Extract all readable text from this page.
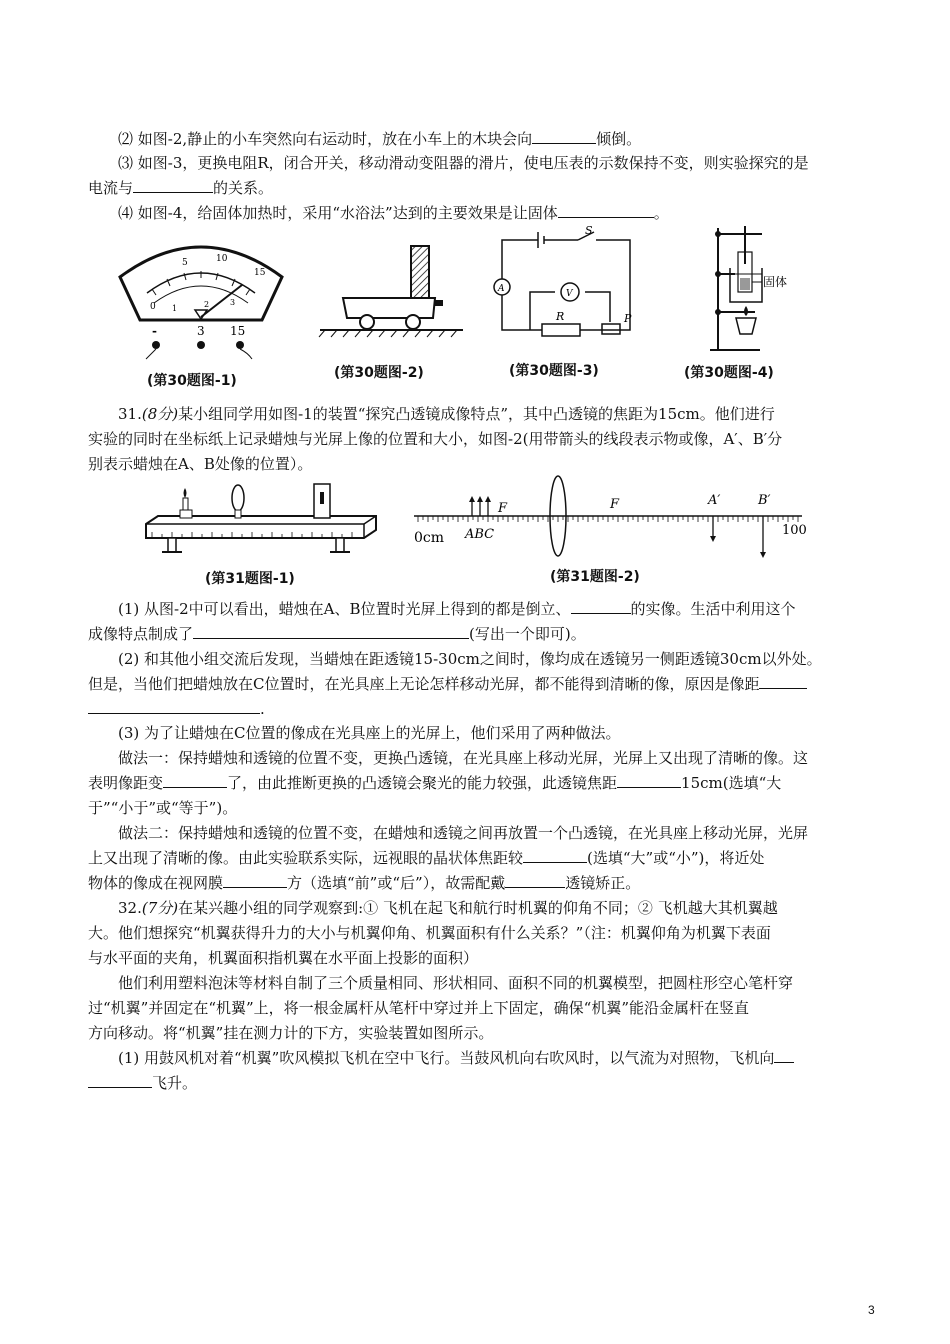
⑵ 如图-2,静止的小车突然向右运动时，放在小车上的木块会向	倾倒。
⑶ 如图-3，更换电阻R，闭合开关，移动滑动变阻器的滑片，使电压表的示数保持不变，则实验探究的是
电流与	的关系。
⑷ 如图-4，给固体加热时，采用“水浴法”达到的主要效果是让固体	。
0
5	10
15
1	2	3
-	3 15
(第30题图-1)	(第30题图-2)
S
A	V
R	P
(第30题图-3)
固体
(第30题图-4)
31.(8分)某小组同学用如图-1的装置“探究凸透镜成像特点”，其中凸透镜的焦距为15cm。他们进行
实验的同时在坐标纸上记录蜡烛与光屏上像的位置和大小，如图-2(用带箭头的线段表示物或像，A′、B′分
别表示蜡烛在A、B处像的位置）。
(第31题图-1)
0cm	100
ABC
F	F	A′	B′
(第31题图-2)
(1) 从图-2中可以看出，蜡烛在A、B位置时光屏上得到的都是倒立、	的实像。生活中利用这个
成像特点制成了	(写出一个即可)。
(2) 和其他小组交流后发现，当蜡烛在距透镜15-30cm之间时，像均成在透镜另一侧距透镜30cm以外处。
但是，当他们把蜡烛放在C位置时，在光具座上无论怎样移动光屏，都不能得到清晰的像，原因是像距
.
(3) 为了让蜡烛在C位置的像成在光具座上的光屏上，他们采用了两种做法。
做法一：保持蜡烛和透镜的位置不变，更换凸透镜，在光具座上移动光屏，光屏上又出现了清晰的像。这
表明像距变	了，由此推断更换的凸透镜会聚光的能力较强，此透镜焦距	15cm(选填“大
于”“小于”或“等于”)。
做法二：保持蜡烛和透镜的位置不变，在蜡烛和透镜之间再放置一个凸透镜，在光具座上移动光屏，光屏
上又出现了清晰的像。由此实验联系实际，远视眼的晶状体焦距较	(选填“大”或“小”)，将近处
物体的像成在视网膜	方（选填“前”或“后”），故需配戴	透镜矫正。
32.(7分)在某兴趣小组的同学观察到:① 飞机在起飞和航行时机翼的仰角不同；② 飞机越大其机翼越
大。他们想探究“机翼获得升力的大小与机翼仰角、机翼面积有什么关系？”（注：机翼仰角为机翼下表面
与水平面的夹角，机翼面积指机翼在水平面上投影的面积）
他们利用塑料泡沫等材料自制了三个质量相同、形状相同、面积不同的机翼模型，把圆柱形空心笔杆穿
过“机翼”并固定在“机翼”上，将一根金属杆从笔杆中穿过并上下固定，确保“机翼”能沿金属杆在竖直
方向移动。将“机翼”挂在测力计的下方，实验装置如图所示。
(1) 用鼓风机对着“机翼”吹风模拟飞机在空中飞行。当鼓风机向右吹风时，以气流为对照物，飞机向
飞升。
3
